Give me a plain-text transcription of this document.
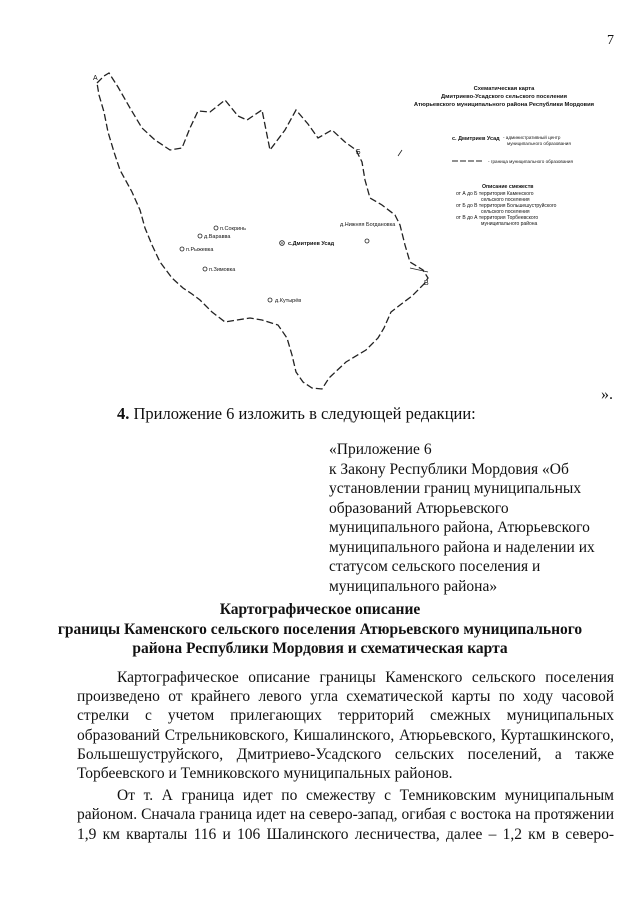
7
А
Б
В
п.Сокринь
д.Варавва
п.Рыжевка
п.Зимовка
с.Дмитриев Усад
д.Нижняя Богдановка
д.Кутырёв
Схематическая карта
Дмитриево-Усадского сельского поселения
Атюрьевского муниципального района Республики Мордовия
с. Дмитриев Усад - административный центр
муниципального образования
- граница муниципального образования
Описание смежеств
от А до Б территория Каменского
сельского поселения
от Б до В территория Большешуструйского
сельского поселения
от В до А территория Торбеевского
муниципального района
».
4. Приложение 6 изложить в следующей редакции:
«Приложение 6
к Закону Республики Мордовия «Об
установлении границ муниципальных
образований Атюрьевского
муниципального района, Атюрьевского
муниципального района и наделении их
статусом сельского поселения и
муниципального района»
Картографическое описание
границы Каменского сельского поселения Атюрьевского муниципального
района Республики Мордовия и схематическая карта

Картографическое описание границы Каменского сельского поселения
произведено от крайнего левого угла схематической карты по ходу часовой
стрелки с учетом прилегающих территорий смежных муниципальных
образований Стрельниковского, Кишалинского, Атюрьевского, Курташкинского,
Большешуструйского, Дмитриево-Усадского сельских поселений, а также
Торбеевского и Темниковского муниципальных районов.

От т. А граница идет по смежеству с Темниковским муниципальным
районом. Сначала граница идет на северо-запад, огибая с востока на протяжении
1,9 км кварталы 116 и 106 Шалинского лесничества, далее – 1,2 км в северо-
